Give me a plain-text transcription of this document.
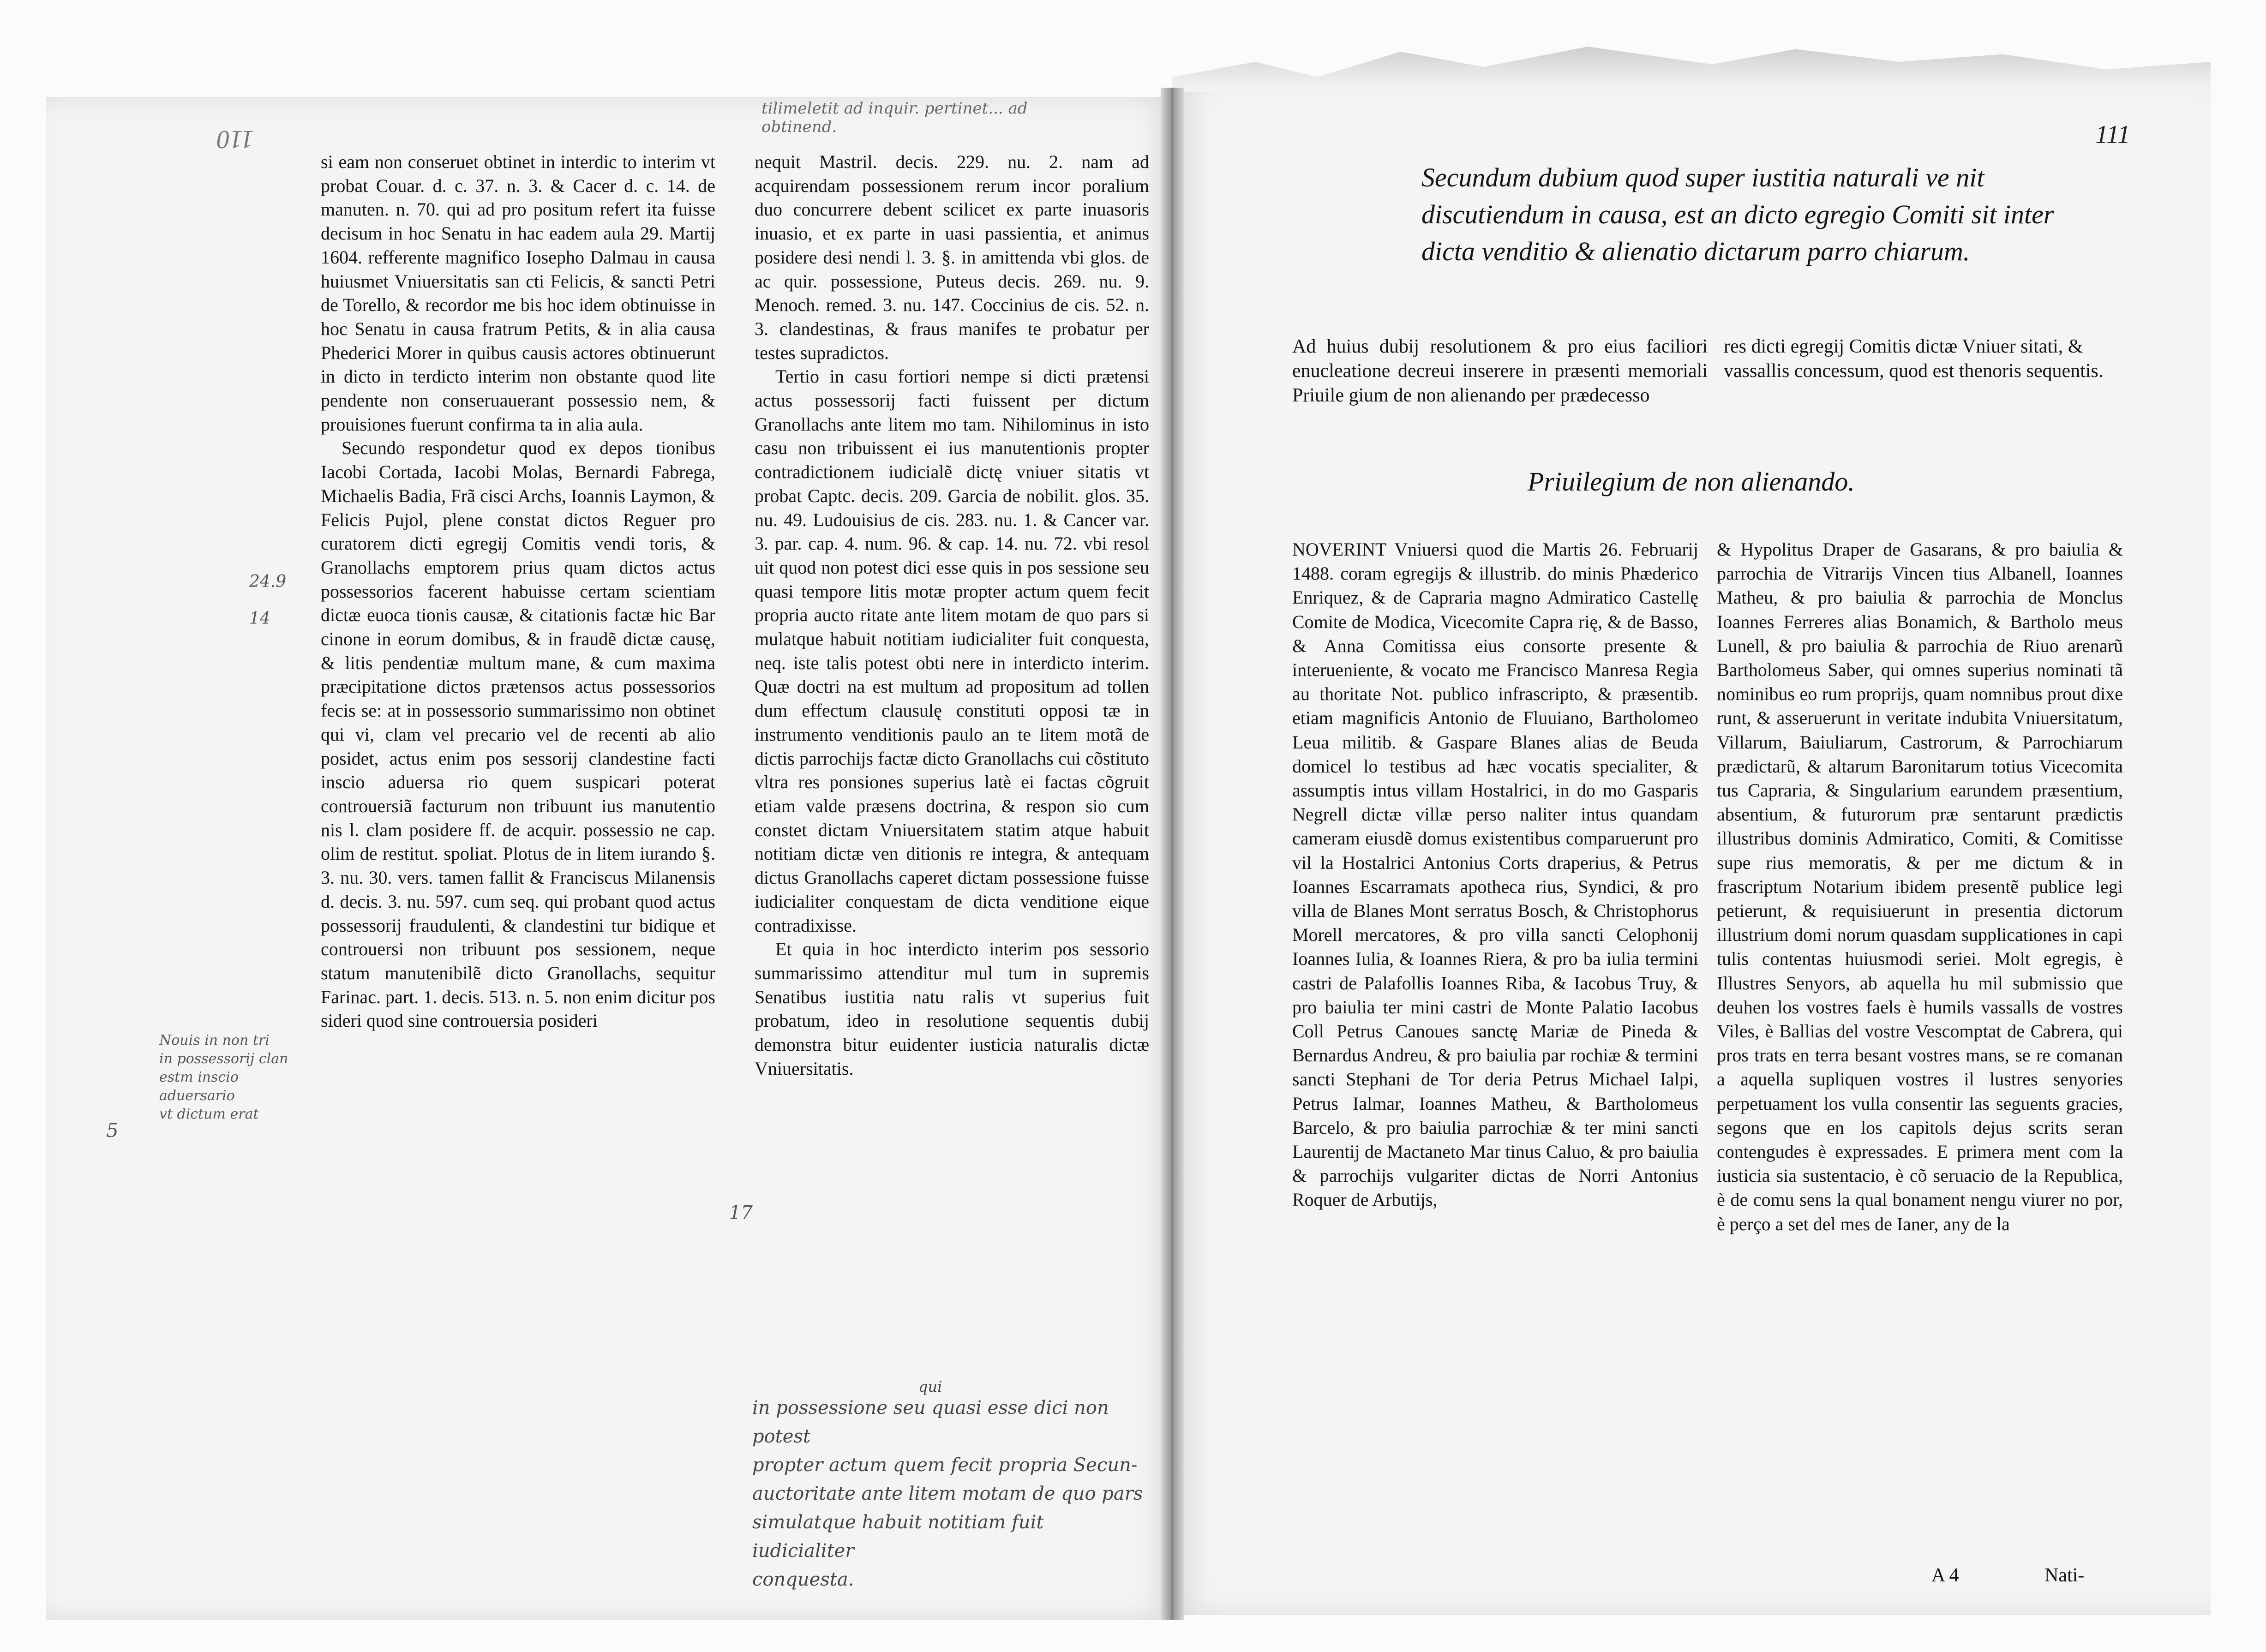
110
tilimeletit ad inquir. pertinet... ad obtinend.

si eam non conseruet obtinet in interdic to interim vt probat Couar. d. c. 37. n. 3. & Cacer d. c. 14. de manuten. n. 70. qui ad pro positum refert ita fuisse decisum in hoc Senatu in hac eadem aula 29. Martij 1604. refferente magnifico Iosepho Dalmau in causa huiusmet Vniuersitatis san cti Felicis, & sancti Petri de Torello, & recordor me bis hoc idem obtinuisse in hoc Senatu in causa fratrum Petits, & in alia causa Phederici Morer in quibus causis actores obtinuerunt in dicto in terdicto interim non obstante quod lite pendente non conseruauerant possessio nem, & prouisiones fuerunt confirma ta in alia aula.

Secundo respondetur quod ex depos tionibus Iacobi Cortada, Iacobi Molas, Bernardi Fabrega, Michaelis Badia, Frã cisci Archs, Ioannis Laymon, & Felicis Pujol, plene constat dictos Reguer pro curatorem dicti egregij Comitis vendi toris, & Granollachs emptorem prius quam dictos actus possessorios facerent habuisse certam scientiam dictæ euoca tionis causæ, & citationis factæ hic Bar cinone in eorum domibus, & in fraudẽ dictæ causę, & litis pendentiæ multum mane, & cum maxima præcipitatione dictos prætensos actus possessorios fecis se: at in possessorio summarissimo non obtinet qui vi, clam vel precario vel de recenti ab alio posidet, actus enim pos sessorij clandestine facti inscio aduersa rio quem suspicari poterat controuersiã facturum non tribuunt ius manutentio nis l. clam posidere ff. de acquir. possessio ne cap. olim de restitut. spoliat. Plotus de in litem iurando §. 3. nu. 30. vers. tamen fallit & Franciscus Milanensis d. decis. 3. nu. 597. cum seq. qui probant quod actus possessorij fraudulenti, & clandestini tur bidique et controuersi non tribuunt pos sessionem, neque statum manutenibilẽ dicto Granollachs, sequitur Farinac. part. 1. decis. 513. n. 5. non enim dicitur pos sideri quod sine controuersia posideri

nequit Mastril. decis. 229. nu. 2. nam ad acquirendam possessionem rerum incor poralium duo concurrere debent scilicet ex parte inuasoris inuasio, et ex parte in uasi passientia, et animus posidere desi nendi l. 3. §. in amittenda vbi glos. de ac quir. possessione, Puteus decis. 269. nu. 9. Menoch. remed. 3. nu. 147. Coccinius de cis. 52. n. 3. clandestinas, & fraus manifes te probatur per testes supradictos.

Tertio in casu fortiori nempe si dicti prætensi actus possessorij facti fuissent per dictum Granollachs ante litem mo tam. Nihilominus in isto casu non tribuissent ei ius manutentionis propter contradictionem iudicialẽ dictę vniuer sitatis vt probat Captc. decis. 209. Garcia de nobilit. glos. 35. nu. 49. Ludouisius de cis. 283. nu. 1. & Cancer var. 3. par. cap. 4. num. 96. & cap. 14. nu. 72. vbi resol uit quod non potest dici esse quis in pos sessione seu quasi tempore litis motæ propter actum quem fecit propria aucto ritate ante litem motam de quo pars si mulatque habuit notitiam iudicialiter fuit conquesta, neq. iste talis potest obti nere in interdicto interim. Quæ doctri na est multum ad propositum ad tollen dum effectum clausulę constituti opposi tæ in instrumento venditionis paulo an te litem motã de dictis parrochijs factæ dicto Granollachs cui cõstituto vltra res ponsiones superius latè ei factas cõgruit etiam valde præsens doctrina, & respon sio cum constet dictam Vniuersitatem statim atque habuit notitiam dictæ ven ditionis re integra, & antequam dictus Granollachs caperet dictam possessione fuisse iudicialiter conquestam de dicta venditione eique contradixisse.

Et quia in hoc interdicto interim pos sessorio summarissimo attenditur mul tum in supremis Senatibus iustitia natu ralis vt superius fuit probatum, ideo in resolutione sequentis dubij demonstra bitur euidenter iusticia naturalis dictæ Vniuersitatis.

qui
in possessione seu quasi esse dici non potest
propter actum quem fecit propria Secun-
auctoritate ante litem motam de quo pars
simulatque habuit notitiam fuit iudicialiter
conquesta.
Nouis in non tri
in possessorij clan
estm inscio aduersario
vt dictum erat
24.9
14
5
17
111
Secundum dubium quod super iustitia naturali ve nit discutiendum in causa, est an dicto egregio Comiti sit inter dicta venditio & alienatio dictarum parro chiarum.
Ad huius dubij resolutionem & pro eius faciliori enucleatione decreui inserere in præsenti memoriali Priuile gium de non alienando per prædecesso
res dicti egregij Comitis dictæ Vniuer sitati, & vassallis concessum, quod est thenoris sequentis.
Priuilegium de non alienando.
NOVERINT Vniuersi quod die Martis 26. Februarij 1488. coram egregijs & illustrib. do minis Phæderico Enriquez, & de Capraria magno Admiratico Castellę Comite de Modica, Vicecomite Capra rię, & de Basso, & Anna Comitissa eius consorte presente & interueniente, & vocato me Francisco Manresa Regia au thoritate Not. publico infrascripto, & præsentib. etiam magnificis Antonio de Fluuiano, Bartholomeo Leua militib. & Gaspare Blanes alias de Beuda domicel lo testibus ad hæc vocatis specialiter, & assumptis intus villam Hostalrici, in do mo Gasparis Negrell dictæ villæ perso naliter intus quandam cameram eiusdẽ domus existentibus comparuerunt pro vil la Hostalrici Antonius Corts draperius, & Petrus Ioannes Escarramats apotheca rius, Syndici, & pro villa de Blanes Mont serratus Bosch, & Christophorus Morell mercatores, & pro villa sancti Celophonij Ioannes Iulia, & Ioannes Riera, & pro ba iulia termini castri de Palafollis Ioannes Riba, & Iacobus Truy, & pro baiulia ter mini castri de Monte Palatio Iacobus Coll Petrus Canoues sanctę Mariæ de Pineda & Bernardus Andreu, & pro baiulia par rochiæ & termini sancti Stephani de Tor deria Petrus Michael Ialpi, Petrus Ialmar, Ioannes Matheu, & Bartholomeus Barcelo, & pro baiulia parrochiæ & ter mini sancti Laurentij de Mactaneto Mar tinus Caluo, & pro baiulia & parrochijs vulgariter dictas de Norri Antonius Roquer de Arbutijs,
& Hypolitus Draper de Gasarans, & pro baiulia & parrochia de Vitrarijs Vincen tius Albanell, Ioannes Matheu, & pro baiulia & parrochia de Monclus Ioannes Ferreres alias Bonamich, & Bartholo meus Lunell, & pro baiulia & parrochia de Riuo arenarũ Bartholomeus Saber, qui omnes superius nominati tã nominibus eo rum proprijs, quam nomnibus prout dixe runt, & asseruerunt in veritate indubita Vniuersitatum, Villarum, Baiuliarum, Castrorum, & Parrochiarum prædictarũ, & altarum Baronitarum totius Vicecomita tus Capraria, & Singularium earundem præsentium, absentium, & futurorum præ sentarunt prædictis illustribus dominis Admiratico, Comiti, & Comitisse supe rius memoratis, & per me dictum & in frascriptum Notarium ibidem presentẽ publice legi petierunt, & requisiuerunt in presentia dictorum illustrium domi norum quasdam supplicationes in capi tulis contentas huiusmodi seriei. Molt egregis, è Illustres Senyors, ab aquella hu mil submissio que deuhen los vostres faels è humils vassalls de vostres Viles, è Ballias del vostre Vescomptat de Cabrera, qui pros trats en terra besant vostres mans, se re comanan a aquella supliquen vostres il lustres senyories perpetuament los vulla consentir las seguents gracies, segons que en los capitols dejus scrits seran contengudes è expressades. E primera ment com la iusticia sia sustentacio, è cõ seruacio de la Republica, è de comu sens la qual bonament nengu viurer no por, è perço a set del mes de Ianer, any de la
A 4	Nati-
